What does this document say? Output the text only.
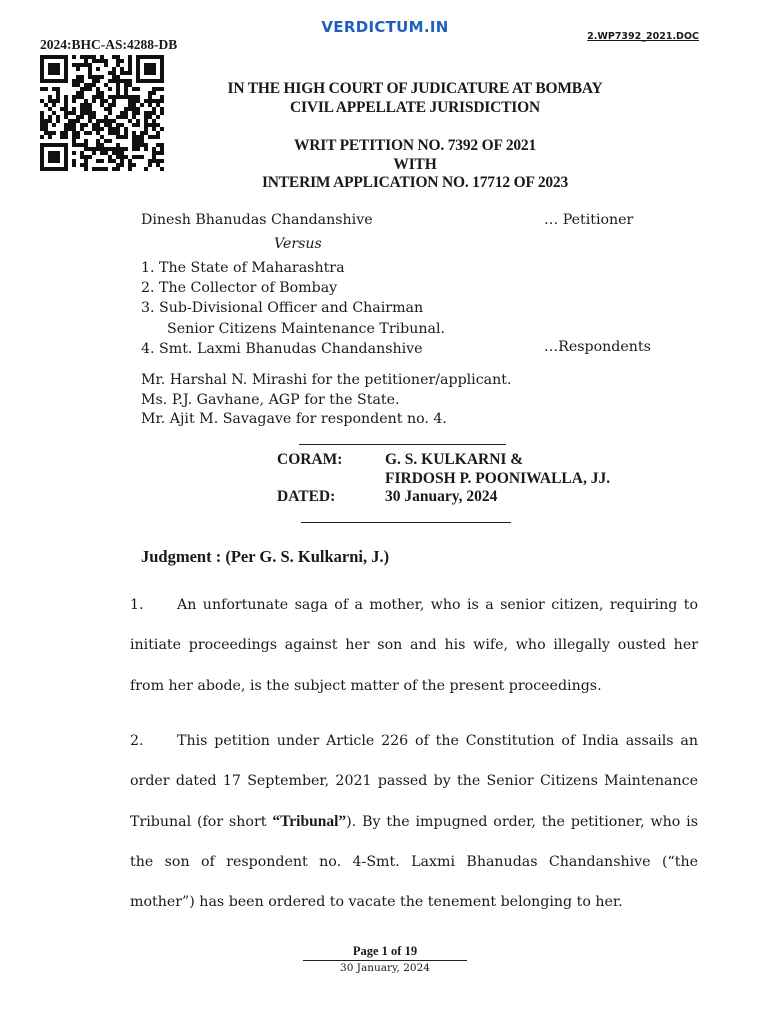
VERDICTUM.IN
2024:BHC-AS:4288-DB
2.WP7392_2021.DOC
IN THE HIGH COURT OF JUDICATURE AT BOMBAY
CIVIL APPELLATE JURISDICTION
WRIT PETITION NO. 7392 OF 2021
WITH
INTERIM APPLICATION NO. 17712 OF 2023
Dinesh Bhanudas Chandanshive	… Petitioner
Versus
1. The State of Maharashtra
2. The Collector of Bombay
3. Sub-Divisional Officer and Chairman
Senior Citizens Maintenance Tribunal.
4. Smt. Laxmi Bhanudas Chandanshive	…Respondents
Mr. Harshal N. Mirashi for the petitioner/applicant.
Ms. P.J. Gavhane, AGP for the State.
Mr. Ajit M. Savagave for respondent no. 4.
CORAM:	G. S. KULKARNI &
FIRDOSH P. POONIWALLA, JJ.
DATED:	30 January, 2024
Judgment : (Per G. S. Kulkarni, J.)
1. An unfortunate saga of a mother, who is a senior citizen, requiring to initiate proceedings against her son and his wife, who illegally ousted her from her abode, is the subject matter of the present proceedings.
2. This petition under Article 226 of the Constitution of India assails an order dated 17 September, 2021 passed by the Senior Citizens Maintenance Tribunal (for short “Tribunal”). By the impugned order, the petitioner, who is the son of respondent no. 4-Smt. Laxmi Bhanudas Chandanshive (“the mother”) has been ordered to vacate the tenement belonging to her.
Page 1 of 19
30 January, 2024
